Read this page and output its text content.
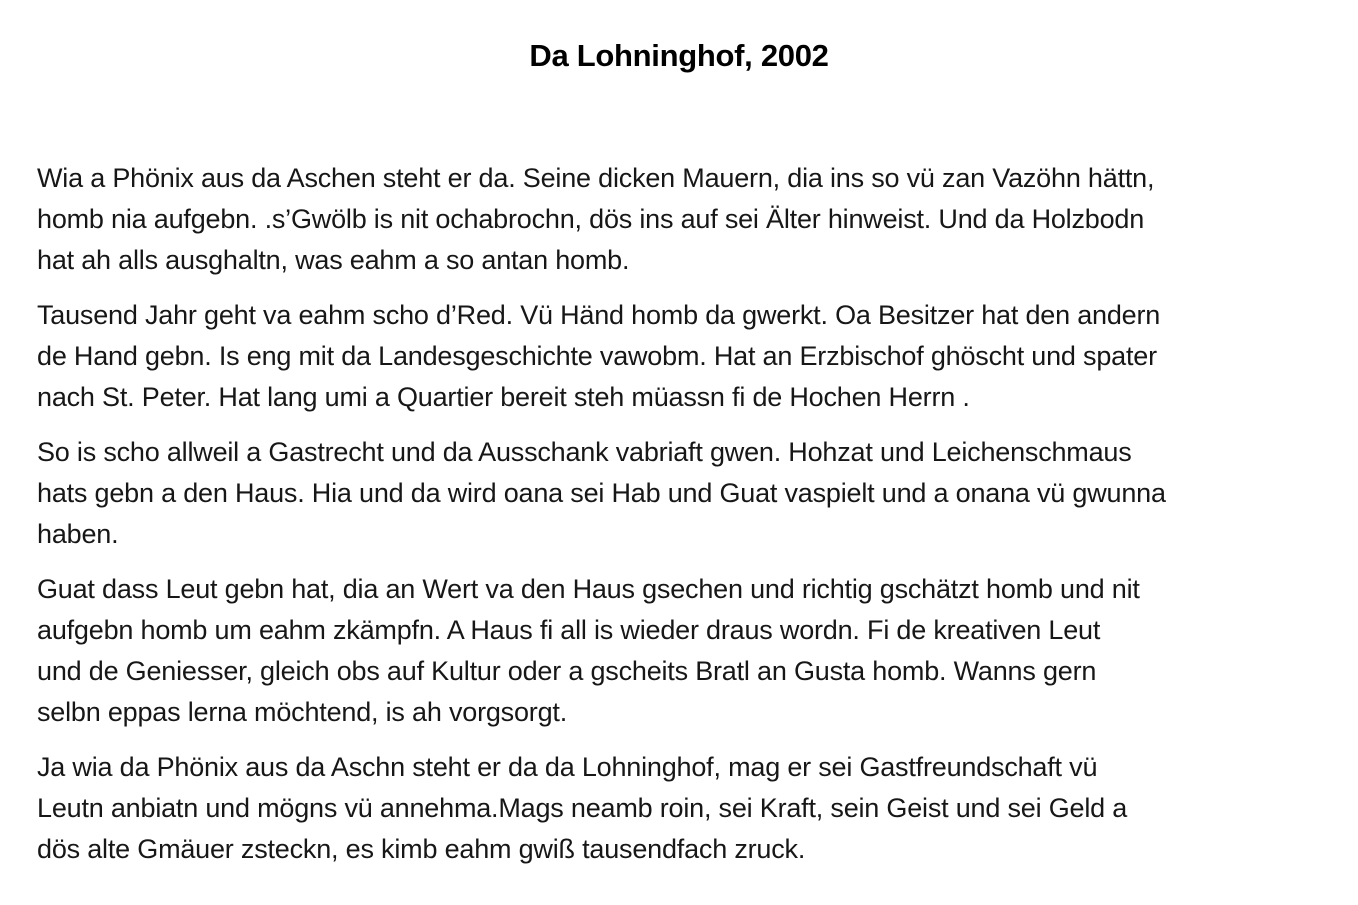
Da Lohninghof, 2002

Wia a Phönix aus da Aschen steht er da. Seine dicken Mauern, dia ins so vü zan Vazöhn hättn,
homb nia aufgebn. .s’Gwölb is nit ochabrochn, dös ins auf sei Älter hinweist. Und da Holzbodn
hat ah alls ausghaltn, was eahm a so antan homb.

Tausend Jahr geht va eahm scho d’Red. Vü Händ homb da gwerkt. Oa Besitzer hat den andern
de Hand gebn. Is eng mit da Landesgeschichte vawobm. Hat an Erzbischof ghöscht und spater
nach St. Peter. Hat lang umi a Quartier bereit steh müassn fi de Hochen Herrn .

So is scho allweil a Gastrecht und da Ausschank vabriaft gwen. Hohzat und Leichenschmaus
hats gebn a den Haus. Hia und da wird oana sei Hab und Guat vaspielt und a onana vü gwunna
haben.

Guat dass Leut gebn hat, dia an Wert va den Haus gsechen und richtig gschätzt homb und nit
aufgebn homb um eahm zkämpfn. A Haus fi all is wieder draus wordn. Fi de kreativen Leut
und de Geniesser, gleich obs auf Kultur oder a gscheits Bratl an Gusta homb. Wanns gern
selbn eppas lerna möchtend, is ah vorgsorgt.

Ja wia da Phönix aus da Aschn steht er da da Lohninghof, mag er sei Gastfreundschaft vü
Leutn anbiatn und mögns vü annehma.Mags neamb roin, sei Kraft, sein Geist und sei Geld a
dös alte Gmäuer zsteckn, es kimb eahm gwiß tausendfach zruck.
